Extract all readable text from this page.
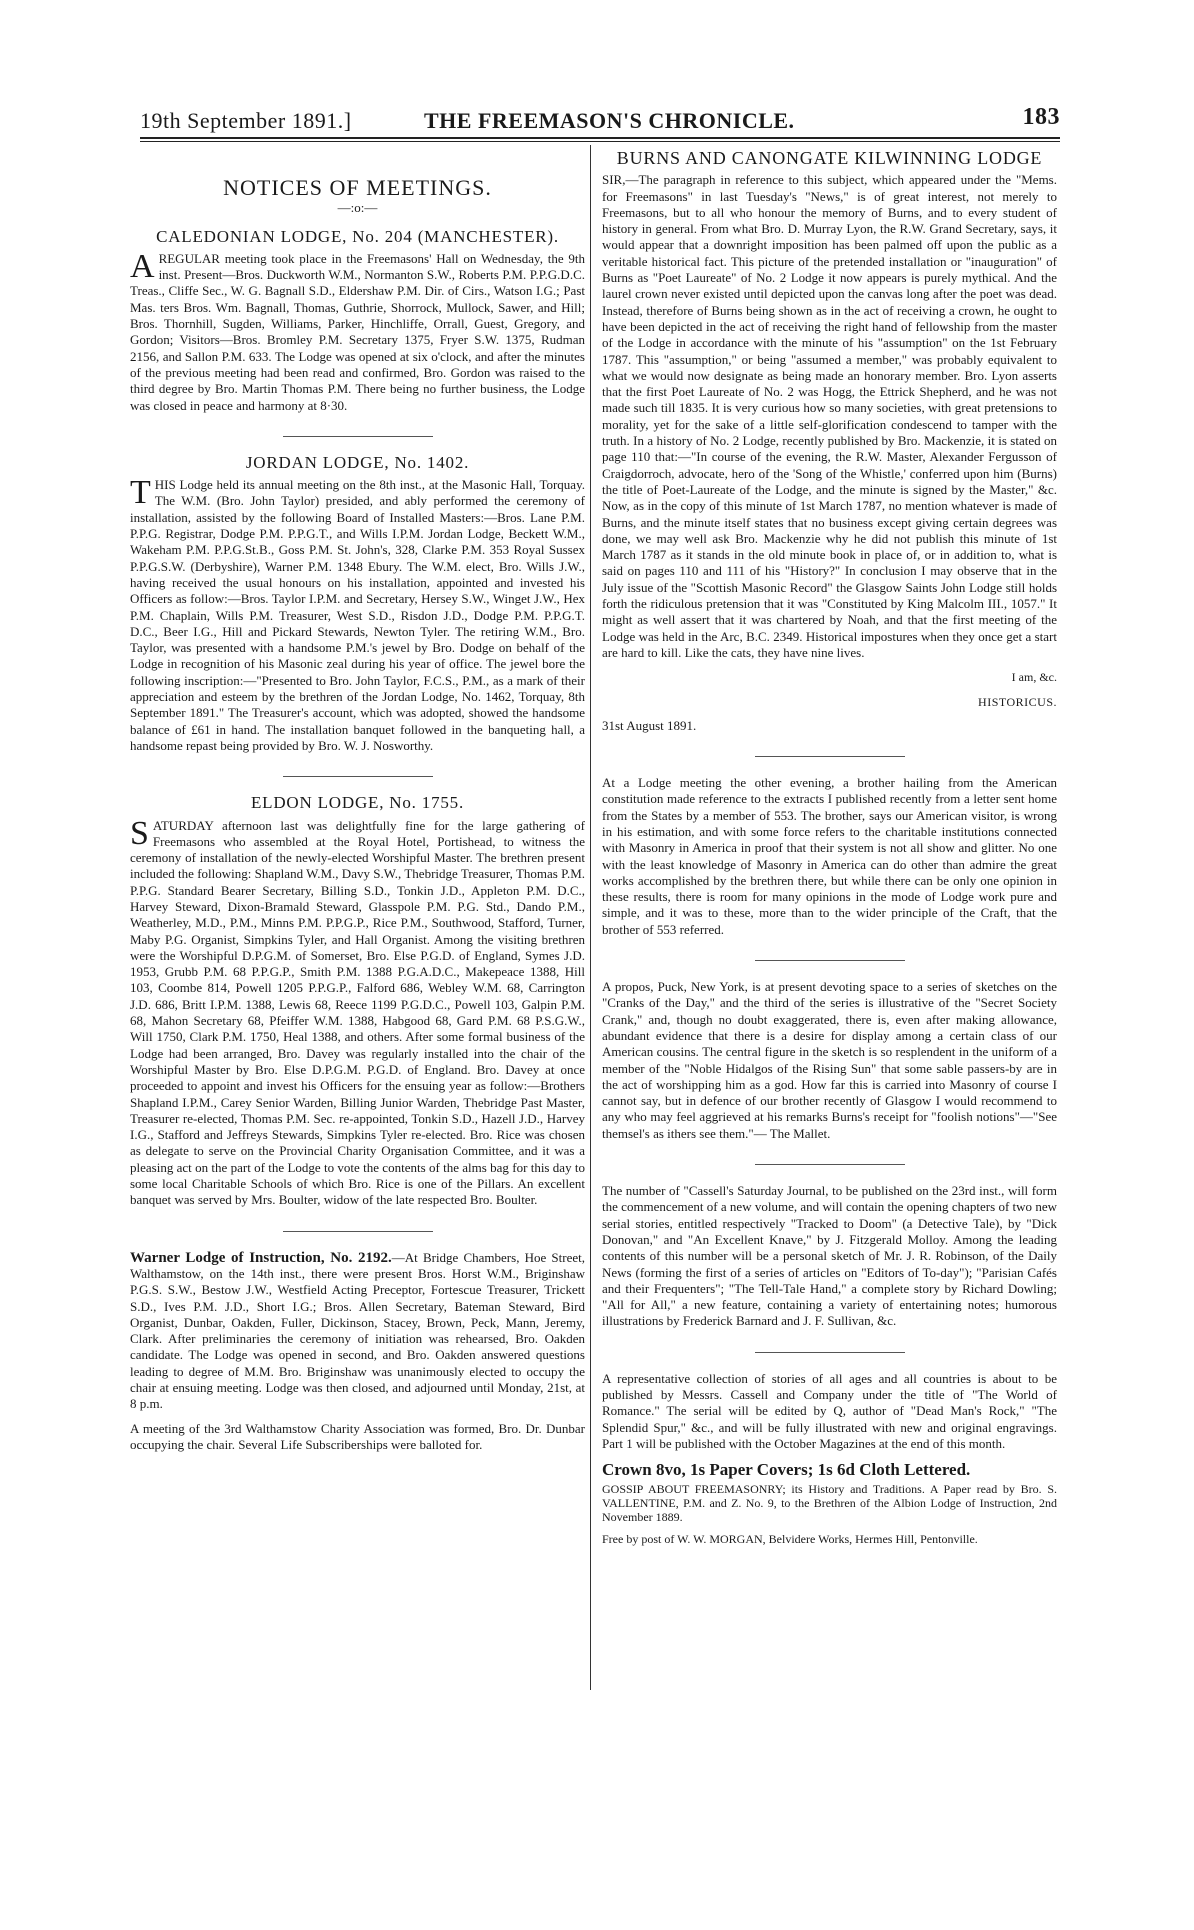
19th September 1891.]	THE FREEMASON'S CHRONICLE.	183
NOTICES OF MEETINGS.
—:o:—
CALEDONIAN LODGE, No. 204 (MANCHESTER).

AREGULAR meeting took place in the Freemasons' Hall on Wednesday, the 9th inst. Present—Bros. Duckworth W.M., Normanton S.W., Roberts P.M. P.P.G.D.C. Treas., Cliffe Sec., W. G. Bagnall S.D., Eldershaw P.M. Dir. of Cirs., Watson I.G.; Past Mas. ters Bros. Wm. Bagnall, Thomas, Guthrie, Shorrock, Mullock, Sawer, and Hill; Bros. Thornhill, Sugden, Williams, Parker, Hinchliffe, Orrall, Guest, Gregory, and Gordon; Visitors—Bros. Bromley P.M. Secretary 1375, Fryer S.W. 1375, Rudman 2156, and Sallon P.M. 633. The Lodge was opened at six o'clock, and after the minutes of the previous meeting had been read and confirmed, Bro. Gordon was raised to the third degree by Bro. Martin Thomas P.M. There being no further business, the Lodge was closed in peace and harmony at 8·30.

JORDAN LODGE, No. 1402.

THIS Lodge held its annual meeting on the 8th inst., at the Masonic Hall, Torquay. The W.M. (Bro. John Taylor) presided, and ably performed the ceremony of installation, assisted by the following Board of Installed Masters:—Bros. Lane P.M. P.P.G. Registrar, Dodge P.M. P.P.G.T., and Wills I.P.M. Jordan Lodge, Beckett W.M., Wakeham P.M. P.P.G.St.B., Goss P.M. St. John's, 328, Clarke P.M. 353 Royal Sussex P.P.G.S.W. (Derbyshire), Warner P.M. 1348 Ebury. The W.M. elect, Bro. Wills J.W., having received the usual honours on his installation, appointed and invested his Officers as follow:—Bros. Taylor I.P.M. and Secretary, Hersey S.W., Winget J.W., Hex P.M. Chaplain, Wills P.M. Treasurer, West S.D., Risdon J.D., Dodge P.M. P.P.G.T. D.C., Beer I.G., Hill and Pickard Stewards, Newton Tyler. The retiring W.M., Bro. Taylor, was presented with a handsome P.M.'s jewel by Bro. Dodge on behalf of the Lodge in recognition of his Masonic zeal during his year of office. The jewel bore the following inscription:—"Presented to Bro. John Taylor, F.C.S., P.M., as a mark of their appreciation and esteem by the brethren of the Jordan Lodge, No. 1462, Torquay, 8th September 1891." The Treasurer's account, which was adopted, showed the handsome balance of £61 in hand. The installation banquet followed in the banqueting hall, a handsome repast being provided by Bro. W. J. Nosworthy.

ELDON LODGE, No. 1755.

SATURDAY afternoon last was delightfully fine for the large gathering of Freemasons who assembled at the Royal Hotel, Portishead, to witness the ceremony of installation of the newly-elected Worshipful Master. The brethren present included the following: Shapland W.M., Davy S.W., Thebridge Treasurer, Thomas P.M. P.P.G. Standard Bearer Secretary, Billing S.D., Tonkin J.D., Appleton P.M. D.C., Harvey Steward, Dixon-Bramald Steward, Glasspole P.M. P.G. Std., Dando P.M., Weatherley, M.D., P.M., Minns P.M. P.P.G.P., Rice P.M., Southwood, Stafford, Turner, Maby P.G. Organist, Simpkins Tyler, and Hall Organist. Among the visiting brethren were the Worshipful D.P.G.M. of Somerset, Bro. Else P.G.D. of England, Symes J.D. 1953, Grubb P.M. 68 P.P.G.P., Smith P.M. 1388 P.G.A.D.C., Makepeace 1388, Hill 103, Coombe 814, Powell 1205 P.P.G.P., Falford 686, Webley W.M. 68, Carrington J.D. 686, Britt I.P.M. 1388, Lewis 68, Reece 1199 P.G.D.C., Powell 103, Galpin P.M. 68, Mahon Secretary 68, Pfeiffer W.M. 1388, Habgood 68, Gard P.M. 68 P.S.G.W., Will 1750, Clark P.M. 1750, Heal 1388, and others. After some formal business of the Lodge had been arranged, Bro. Davey was regularly installed into the chair of the Worshipful Master by Bro. Else D.P.G.M. P.G.D. of England. Bro. Davey at once proceeded to appoint and invest his Officers for the ensuing year as follow:—Brothers Shapland I.P.M., Carey Senior Warden, Billing Junior Warden, Thebridge Past Master, Treasurer re-elected, Thomas P.M. Sec. re-appointed, Tonkin S.D., Hazell J.D., Harvey I.G., Stafford and Jeffreys Stewards, Simpkins Tyler re-elected. Bro. Rice was chosen as delegate to serve on the Provincial Charity Organisation Committee, and it was a pleasing act on the part of the Lodge to vote the contents of the alms bag for this day to some local Charitable Schools of which Bro. Rice is one of the Pillars. An excellent banquet was served by Mrs. Boulter, widow of the late respected Bro. Boulter.

Warner Lodge of Instruction, No. 2192.—At Bridge Chambers, Hoe Street, Walthamstow, on the 14th inst., there were present Bros. Horst W.M., Briginshaw P.G.S. S.W., Bestow J.W., Westfield Acting Preceptor, Fortescue Treasurer, Trickett S.D., Ives P.M. J.D., Short I.G.; Bros. Allen Secretary, Bateman Steward, Bird Organist, Dunbar, Oakden, Fuller, Dickinson, Stacey, Brown, Peck, Mann, Jeremy, Clark. After preliminaries the ceremony of initiation was rehearsed, Bro. Oakden candidate. The Lodge was opened in second, and Bro. Oakden answered questions leading to degree of M.M. Bro. Briginshaw was unanimously elected to occupy the chair at ensuing meeting. Lodge was then closed, and adjourned until Monday, 21st, at 8 p.m.

A meeting of the 3rd Walthamstow Charity Association was formed, Bro. Dr. Dunbar occupying the chair. Several Life Subscriberships were balloted for.

BURNS AND CANONGATE KILWINNING LODGE

SIR,—The paragraph in reference to this subject, which appeared under the "Mems. for Freemasons" in last Tuesday's "News," is of great interest, not merely to Freemasons, but to all who honour the memory of Burns, and to every student of history in general. From what Bro. D. Murray Lyon, the R.W. Grand Secretary, says, it would appear that a downright imposition has been palmed off upon the public as a veritable historical fact. This picture of the pretended installation or "inauguration" of Burns as "Poet Laureate" of No. 2 Lodge it now appears is purely mythical. And the laurel crown never existed until depicted upon the canvas long after the poet was dead. Instead, therefore of Burns being shown as in the act of receiving a crown, he ought to have been depicted in the act of receiving the right hand of fellowship from the master of the Lodge in accordance with the minute of his "assumption" on the 1st February 1787. This "assumption," or being "assumed a member," was probably equivalent to what we would now designate as being made an honorary member. Bro. Lyon asserts that the first Poet Laureate of No. 2 was Hogg, the Ettrick Shepherd, and he was not made such till 1835. It is very curious how so many societies, with great pretensions to morality, yet for the sake of a little self-glorification condescend to tamper with the truth. In a history of No. 2 Lodge, recently published by Bro. Mackenzie, it is stated on page 110 that:—"In course of the evening, the R.W. Master, Alexander Fergusson of Craigdorroch, advocate, hero of the 'Song of the Whistle,' conferred upon him (Burns) the title of Poet-Laureate of the Lodge, and the minute is signed by the Master," &c. Now, as in the copy of this minute of 1st March 1787, no mention whatever is made of Burns, and the minute itself states that no business except giving certain degrees was done, we may well ask Bro. Mackenzie why he did not publish this minute of 1st March 1787 as it stands in the old minute book in place of, or in addition to, what is said on pages 110 and 111 of his "History?" In conclusion I may observe that in the July issue of the "Scottish Masonic Record" the Glasgow Saints John Lodge still holds forth the ridiculous pretension that it was "Constituted by King Malcolm III., 1057." It might as well assert that it was chartered by Noah, and that the first meeting of the Lodge was held in the Arc, B.C. 2349. Historical impostures when they once get a start are hard to kill. Like the cats, they have nine lives.

I am, &c.

HISTORICUS.

31st August 1891.

At a Lodge meeting the other evening, a brother hailing from the American constitution made reference to the extracts I published recently from a letter sent home from the States by a member of 553. The brother, says our American visitor, is wrong in his estimation, and with some force refers to the charitable institutions connected with Masonry in America in proof that their system is not all show and glitter. No one with the least knowledge of Masonry in America can do other than admire the great works accomplished by the brethren there, but while there can be only one opinion in these results, there is room for many opinions in the mode of Lodge work pure and simple, and it was to these, more than to the wider principle of the Craft, that the brother of 553 referred.

A propos, Puck, New York, is at present devoting space to a series of sketches on the "Cranks of the Day," and the third of the series is illustrative of the "Secret Society Crank," and, though no doubt exaggerated, there is, even after making allowance, abundant evidence that there is a desire for display among a certain class of our American cousins. The central figure in the sketch is so resplendent in the uniform of a member of the "Noble Hidalgos of the Rising Sun" that some sable passers-by are in the act of worshipping him as a god. How far this is carried into Masonry of course I cannot say, but in defence of our brother recently of Glasgow I would recommend to any who may feel aggrieved at his remarks Burns's receipt for "foolish notions"—"See themsel's as ithers see them."— The Mallet.

The number of "Cassell's Saturday Journal, to be published on the 23rd inst., will form the commencement of a new volume, and will contain the opening chapters of two new serial stories, entitled respectively "Tracked to Doom" (a Detective Tale), by "Dick Donovan," and "An Excellent Knave," by J. Fitzgerald Molloy. Among the leading contents of this number will be a personal sketch of Mr. J. R. Robinson, of the Daily News (forming the first of a series of articles on "Editors of To-day"); "Parisian Cafés and their Frequenters"; "The Tell-Tale Hand," a complete story by Richard Dowling; "All for All," a new feature, containing a variety of entertaining notes; humorous illustrations by Frederick Barnard and J. F. Sullivan, &c.

A representative collection of stories of all ages and all countries is about to be published by Messrs. Cassell and Company under the title of "The World of Romance." The serial will be edited by Q, author of "Dead Man's Rock," "The Splendid Spur," &c., and will be fully illustrated with new and original engravings. Part 1 will be published with the October Magazines at the end of this month.

Crown 8vo, 1s Paper Covers; 1s 6d Cloth Lettered.

GOSSIP ABOUT FREEMASONRY; its History and Traditions. A Paper read by Bro. S. VALLENTINE, P.M. and Z. No. 9, to the Brethren of the Albion Lodge of Instruction, 2nd November 1889.

Free by post of W. W. MORGAN, Belvidere Works, Hermes Hill, Pentonville.
